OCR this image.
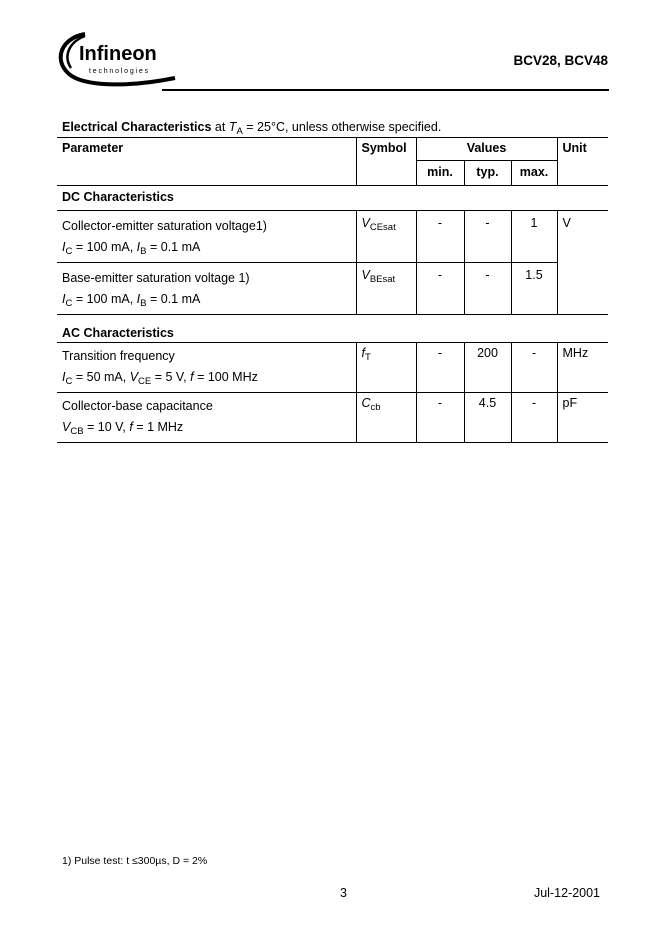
Infineon
technologies
BCV28, BCV48
Electrical Characteristics at $T_A = 25^\circ C$, unless otherwise specified.
Parameter	Symbol	Values			Unit
		min.	typ.	max.	
DC Characteristics					

Collector-emitter saturation voltage1)
$I_C = 100$ mA, $I_B = 0.1$ mA	$V_{CEsat}$	-	-	1	V

Base-emitter saturation voltage 1)
$I_C = 100$ mA, $I_B = 0.1$ mA	$V_{BEsat}$	-	-	1.5	
AC Characteristics					

Transition frequency
$I_C = 50$ mA, $V_{CE} = 5$ V, f = 100 MHz	$f_T$	-	200	-	MHz

Collector-base capacitance
$V_{CB} = 10$ V, f = 1 MHz	$C_{cb}$	-	4.5	-	pF
1) Pulse test: t ≤300µs, D = 2%
3	Jul-12-2001
